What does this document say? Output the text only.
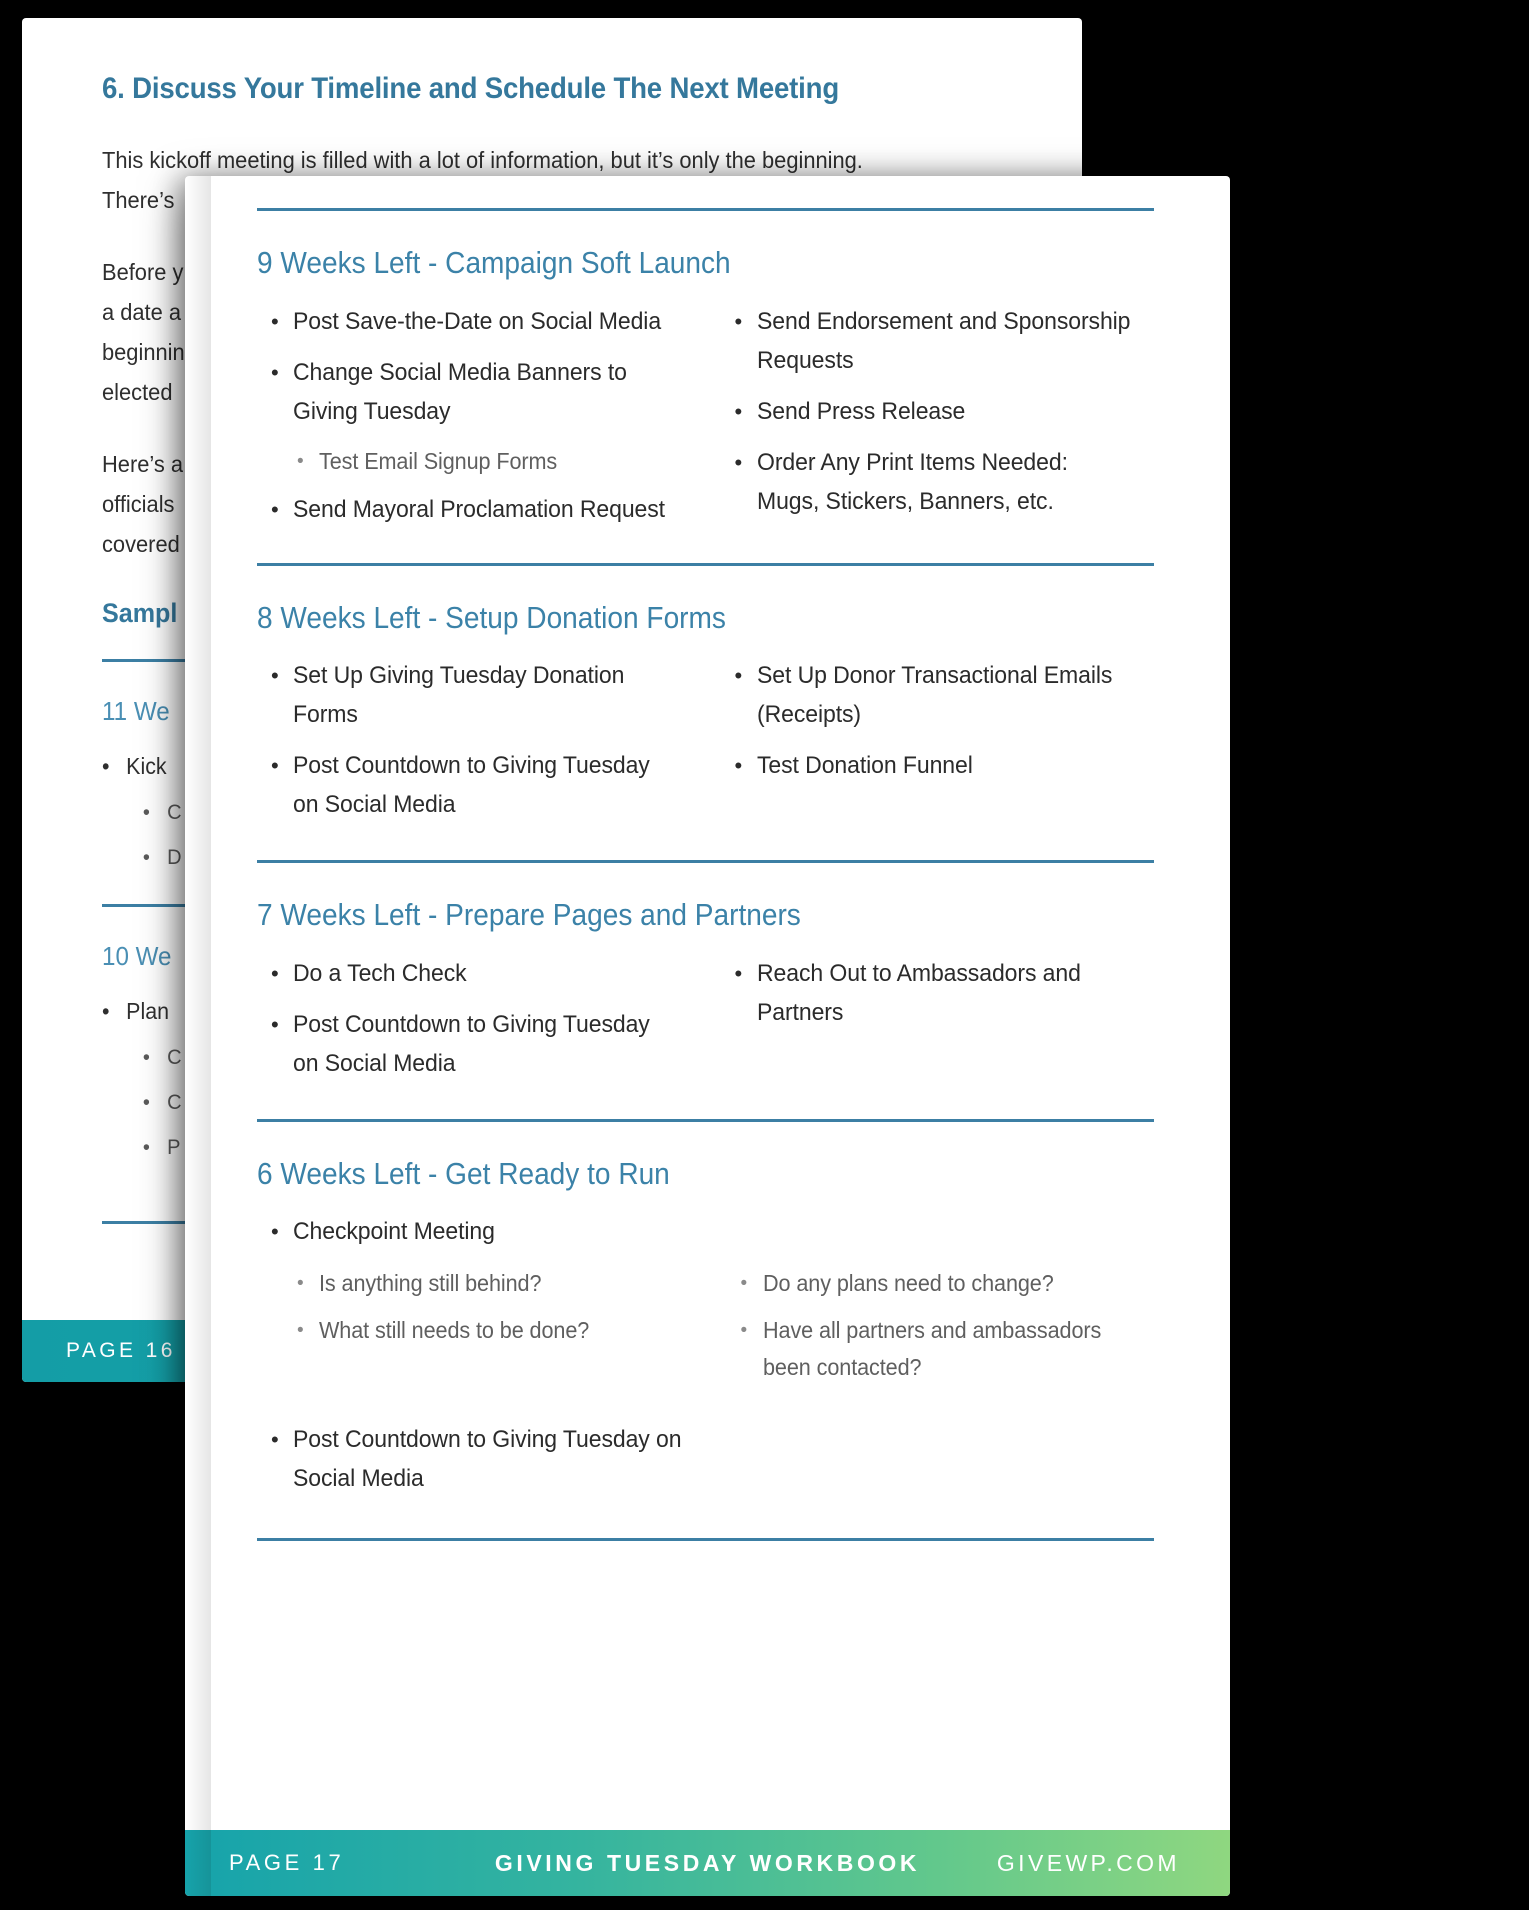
6. Discuss Your Timeline and Schedule The Next Meeting
This kickoff meeting is filled with a lot of information, but it’s only the beginning.
There’s
Before y
a date a
beginnin
elected
Here’s a
officials
covered
Sampl
11 We
• Kick
• C
• D
10 We
• Plan
• C
• C
• P
PAGE 16
9 Weeks Left - Campaign Soft Launch
• Post Save-the-Date on Social Media
• Change Social Media Banners to Giving Tuesday
• Test Email Signup Forms
• Send Mayoral Proclamation Request
• Send Endorsement and Sponsorship Requests
• Send Press Release
• Order Any Print Items Needed: Mugs, Stickers, Banners, etc.
8 Weeks Left - Setup Donation Forms
• Set Up Giving Tuesday Donation Forms
• Post Countdown to Giving Tuesday on Social Media
• Set Up Donor Transactional Emails (Receipts)
• Test Donation Funnel
7 Weeks Left - Prepare Pages and Partners
• Do a Tech Check
• Post Countdown to Giving Tuesday on Social Media
• Reach Out to Ambassadors and Partners
6 Weeks Left - Get Ready to Run
• Checkpoint Meeting
• Is anything still behind?
• What still needs to be done?
• Do any plans need to change?
• Have all partners and ambassadors been contacted?
• Post Countdown to Giving Tuesday on Social Media
PAGE 17	GIVING TUESDAY WORKBOOK	GIVEWP.COM
